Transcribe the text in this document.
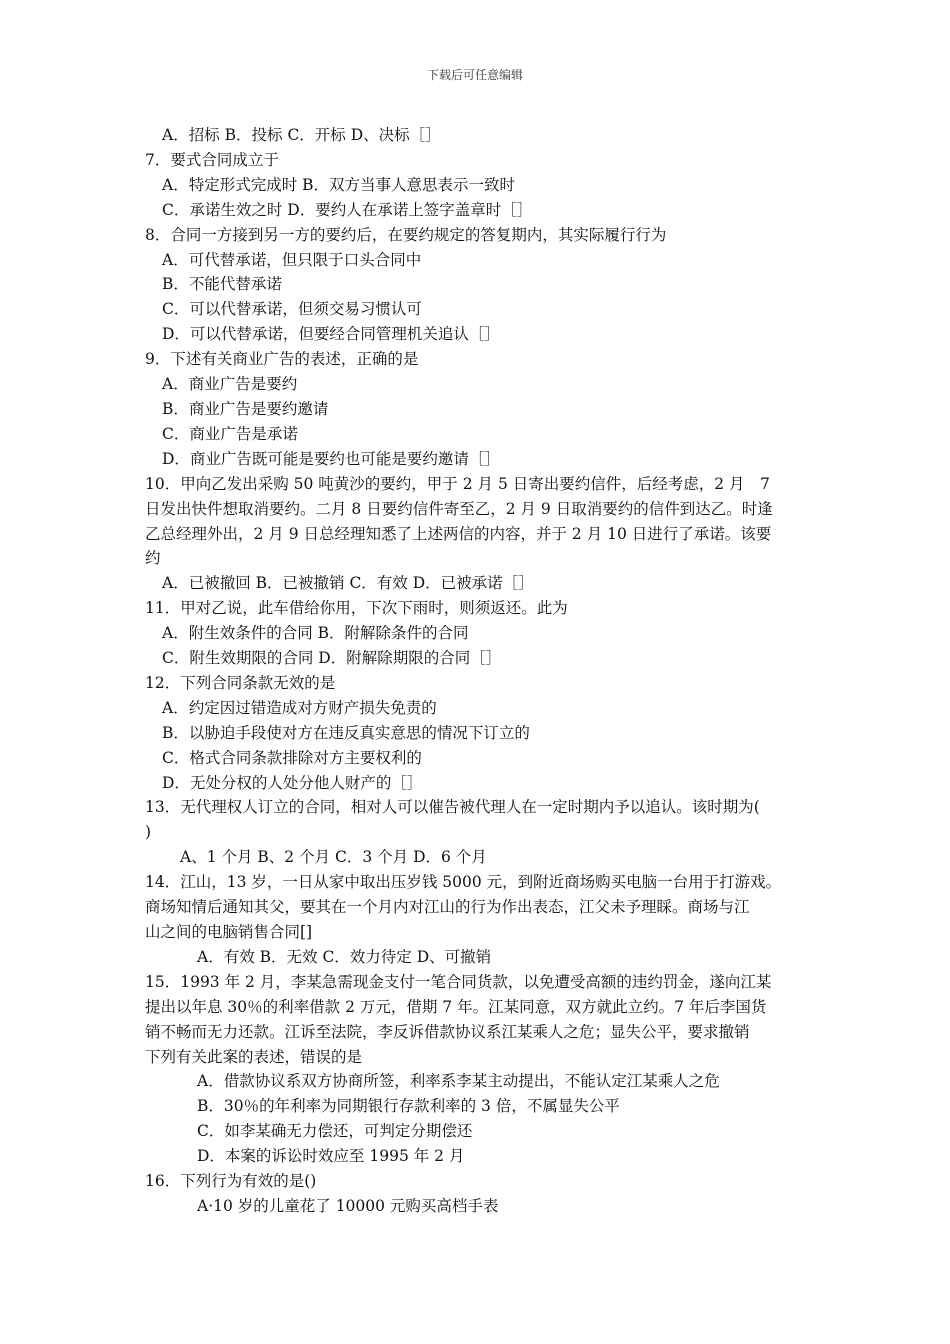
下载后可任意编辑

A．招标 B．投标 C．开标 D、决标［］

7．要式合同成立于

A．特定形式完成时 B．双方当事人意思表示一致时

C．承诺生效之时 D．要约人在承诺上签字盖章时［］

8．合同一方接到另一方的要约后，在要约规定的答复期内，其实际履行行为

A．可代替承诺，但只限于口头合同中

B．不能代替承诺

C．可以代替承诺，但须交易习惯认可

D．可以代替承诺，但要经合同管理机关追认［］

9．下述有关商业广告的表述，正确的是

A．商业广告是要约

B．商业广告是要约邀请

C．商业广告是承诺

D．商业广告既可能是要约也可能是要约邀请［］

10．甲向乙发出采购 50 吨黄沙的要约，甲于 2 月 5 日寄出要约信件，后经考虑，2 月　7

日发出快件想取消要约。二月 8 日要约信件寄至乙，2 月 9 日取消要约的信件到达乙。时逢

乙总经理外出，2 月 9 日总经理知悉了上述两信的内容，并于 2 月 10 日进行了承诺。该要

约

A．已被撤回 B．已被撤销 C．有效 D．已被承诺［］

11．甲对乙说，此车借给你用，下次下雨时，则须返还。此为

A．附生效条件的合同 B．附解除条件的合同

C．附生效期限的合同 D．附解除期限的合同［］

12．下列合同条款无效的是

A．约定因过错造成对方财产损失免责的

B．以胁迫手段使对方在违反真实意思的情况下订立的

C．格式合同条款排除对方主要权利的

D．无处分权的人处分他人财产的［］

13．无代理权人订立的合同，相对人可以催告被代理人在一定时期内予以追认。该时期为(

)

A、1 个月 B、2 个月 C．3 个月 D．6 个月

14．江山，13 岁，一日从家中取出压岁钱 5000 元，到附近商场购买电脑一台用于打游戏。

商场知情后通知其父，要其在一个月内对江山的行为作出表态，江父未予理睬。商场与江

山之间的电脑销售合同[]

A．有效 B．无效 C．效力待定 D、可撤销

15．1993 年 2 月，李某急需现金支付一笔合同货款，以免遭受高额的违约罚金，遂向江某

提出以年息 30％的利率借款 2 万元，借期 7 年。江某同意，双方就此立约。7 年后李国货

销不畅而无力还款。江诉至法院，李反诉借款协议系江某乘人之危；显失公平，要求撤销

下列有关此案的表述，错误的是

A．借款协议系双方协商所签，利率系李某主动提出，不能认定江某乘人之危

B．30％的年利率为同期银行存款利率的 3 倍，不属显失公平

C．如李某确无力偿还，可判定分期偿还

D．本案的诉讼时效应至 1995 年 2 月

16．下列行为有效的是()

A·10 岁的儿童花了 10000 元购买高档手表
